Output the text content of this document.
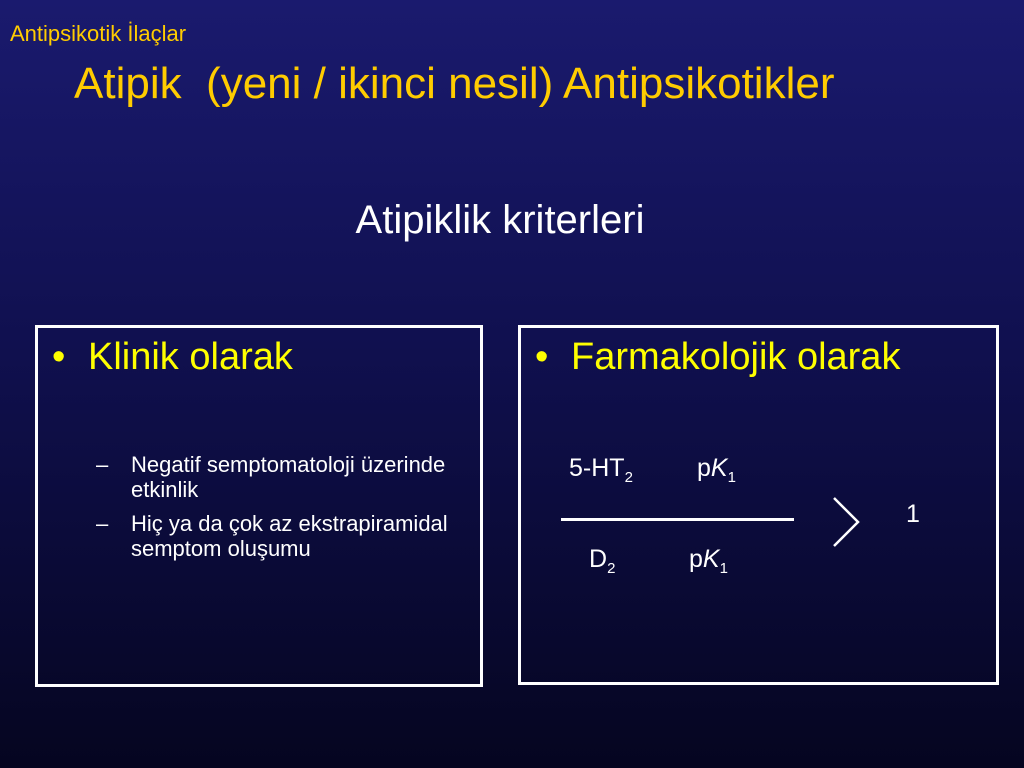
Antipsikotik İlaçlar
Atipik  (yeni / ikinci nesil) Antipsikotikler
Atipiklik kriterleri
• Klinik olarak
– Negatif semptomatoloji üzerinde etkinlik
– Hiç ya da çok az ekstrapiramidal semptom oluşumu
• Farmakolojik olarak
$5-HT_2$	$pK_1$
$D_2$	$pK_1$
1
